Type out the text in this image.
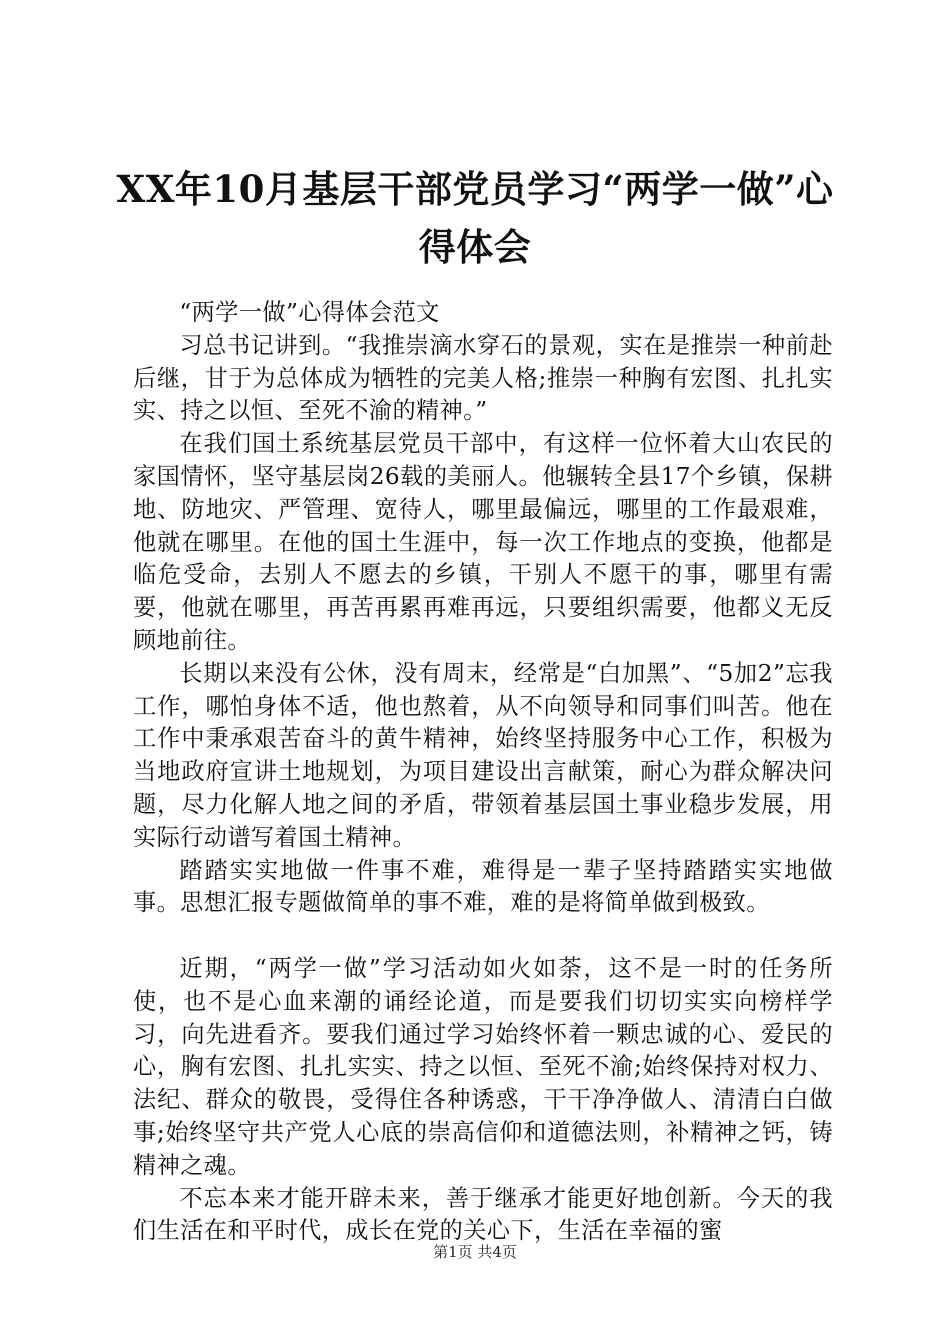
XX年10月基层干部党员学习“两学一做”心得体会

“两学一做”心得体会范文

习总书记讲到。“我推崇滴水穿石的景观，实在是推崇一种前赴后继，甘于为总体成为牺牲的完美人格;推崇一种胸有宏图、扎扎实实、持之以恒、至死不渝的精神。”

在我们国土系统基层党员干部中，有这样一位怀着大山农民的家国情怀，坚守基层岗26载的美丽人。他辗转全县17个乡镇，保耕地、防地灾、严管理、宽待人，哪里最偏远，哪里的工作最艰难，他就在哪里。在他的国土生涯中，每一次工作地点的变换，他都是临危受命，去别人不愿去的乡镇，干别人不愿干的事，哪里有需要，他就在哪里，再苦再累再难再远，只要组织需要，他都义无反顾地前往。

长期以来没有公休，没有周末，经常是“白加黑”、“5加2”忘我工作，哪怕身体不适，他也熬着，从不向领导和同事们叫苦。他在工作中秉承艰苦奋斗的黄牛精神，始终坚持服务中心工作，积极为当地政府宣讲土地规划，为项目建设出言献策，耐心为群众解决问题，尽力化解人地之间的矛盾，带领着基层国土事业稳步发展，用实际行动谱写着国土精神。

踏踏实实地做一件事不难，难得是一辈子坚持踏踏实实地做事。思想汇报专题做简单的事不难，难的是将简单做到极致。

近期，“两学一做”学习活动如火如荼，这不是一时的任务所使，也不是心血来潮的诵经论道，而是要我们切切实实向榜样学习，向先进看齐。要我们通过学习始终怀着一颗忠诚的心、爱民的心，胸有宏图、扎扎实实、持之以恒、至死不渝;始终保持对权力、法纪、群众的敬畏，受得住各种诱惑，干干净净做人、清清白白做事;始终坚守共产党人心底的崇高信仰和道德法则，补精神之钙，铸精神之魂。

不忘本来才能开辟未来，善于继承才能更好地创新。今天的我们生活在和平时代，成长在党的关心下，生活在幸福的蜜

第1页 共4页
